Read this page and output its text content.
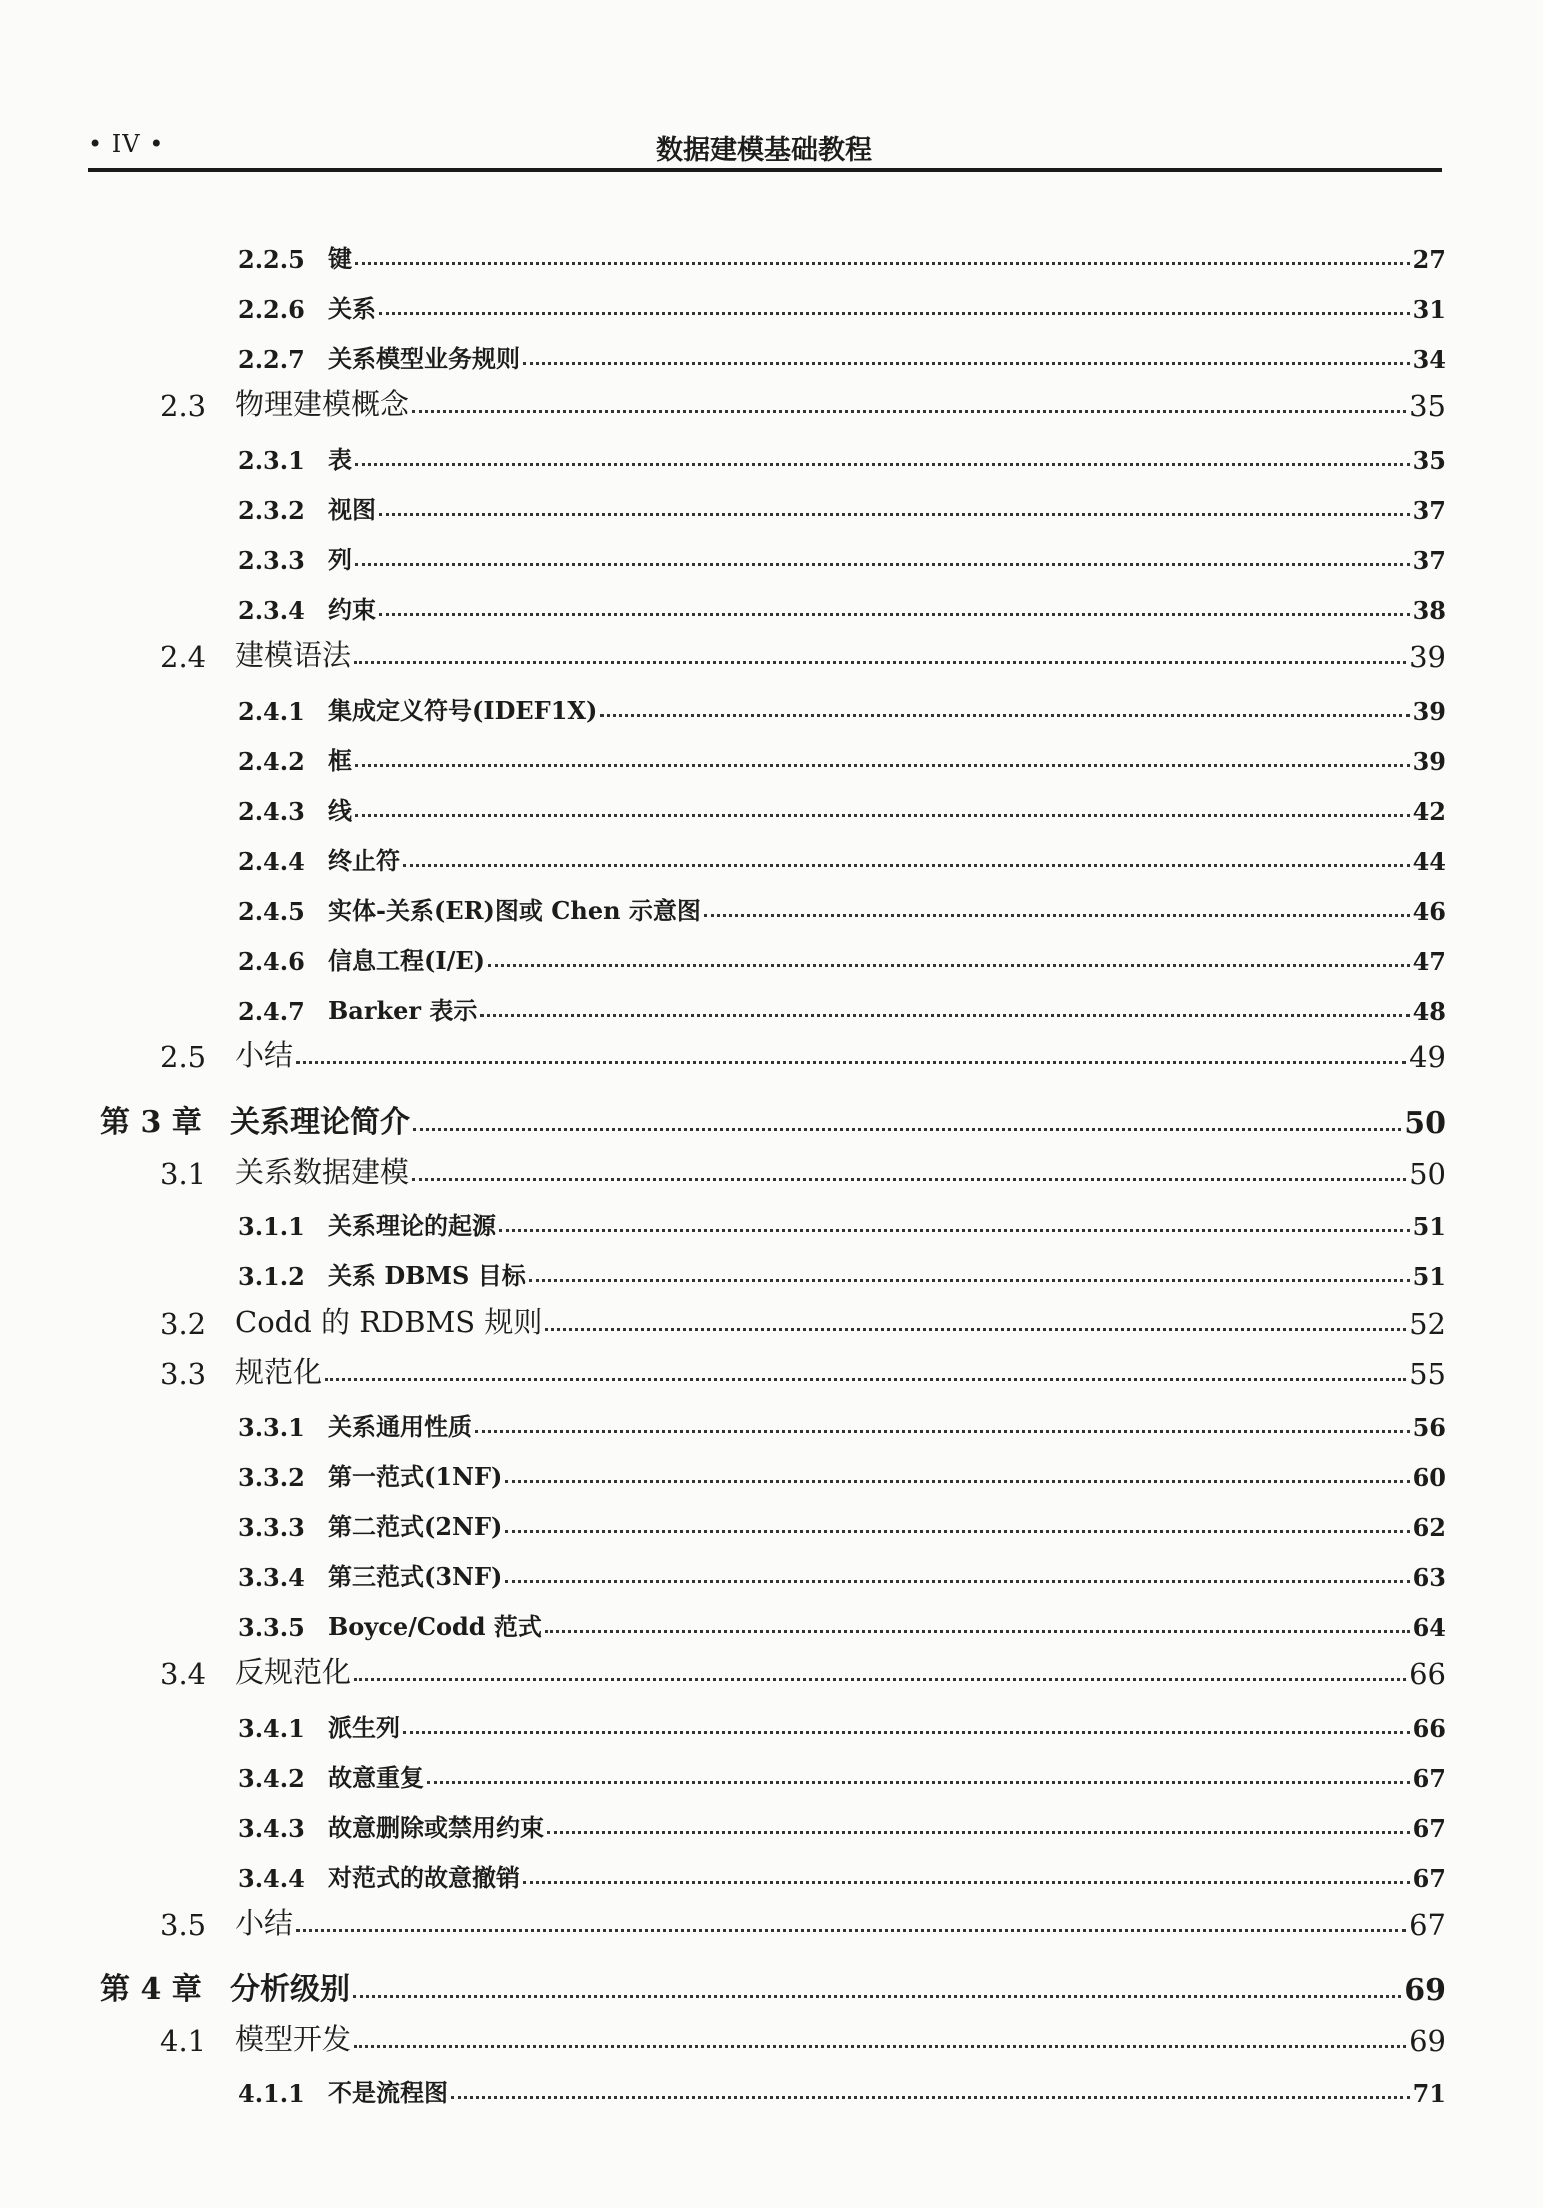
• IV •	数据建模基础教程
2.2.5 键	27
2.2.6 关系	31
2.2.7 关系模型业务规则	34
2.3 物理建模概念	35
2.3.1 表	35
2.3.2 视图	37
2.3.3 列	37
2.3.4 约束	38
2.4 建模语法	39
2.4.1 集成定义符号(IDEF1X)	39
2.4.2 框	39
2.4.3 线	42
2.4.4 终止符	44
2.4.5 实体-关系(ER)图或 Chen 示意图	46
2.4.6 信息工程(I/E)	47
2.4.7 Barker 表示	48
2.5 小结	49
第 3 章 关系理论简介	50
3.1 关系数据建模	50
3.1.1 关系理论的起源	51
3.1.2 关系 DBMS 目标	51
3.2 Codd 的 RDBMS 规则	52
3.3 规范化	55
3.3.1 关系通用性质	56
3.3.2 第一范式(1NF)	60
3.3.3 第二范式(2NF)	62
3.3.4 第三范式(3NF)	63
3.3.5 Boyce/Codd 范式	64
3.4 反规范化	66
3.4.1 派生列	66
3.4.2 故意重复	67
3.4.3 故意删除或禁用约束	67
3.4.4 对范式的故意撤销	67
3.5 小结	67
第 4 章 分析级别	69
4.1 模型开发	69
4.1.1 不是流程图	71
